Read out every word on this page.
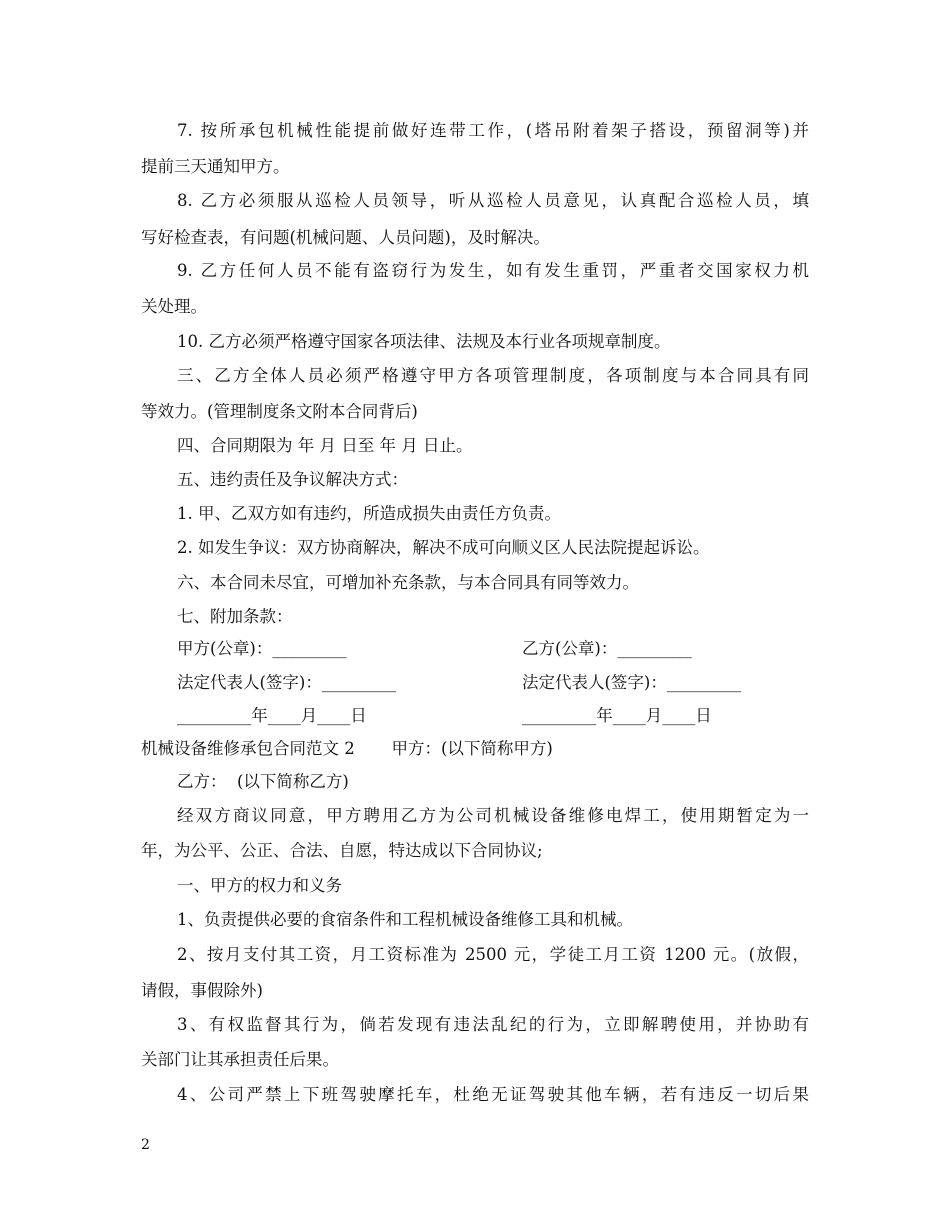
7. 按所承包机械性能提前做好连带工作，(塔吊附着架子搭设，预留洞等)并
提前三天通知甲方。
8. 乙方必须服从巡检人员领导，听从巡检人员意见，认真配合巡检人员，填
写好检查表，有问题(机械问题、人员问题)，及时解决。
9. 乙方任何人员不能有盗窃行为发生，如有发生重罚，严重者交国家权力机
关处理。
10. 乙方必须严格遵守国家各项法律、法规及本行业各项规章制度。
三、乙方全体人员必须严格遵守甲方各项管理制度，各项制度与本合同具有同
等效力。(管理制度条文附本合同背后)
四、合同期限为 年 月 日至 年 月 日止。
五、违约责任及争议解决方式：
1. 甲、乙双方如有违约，所造成损失由责任方负责。
2. 如发生争议：双方协商解决，解决不成可向顺义区人民法院提起诉讼。
六、本合同未尽宜，可增加补充条款，与本合同具有同等效力。
七、附加条款：
甲方(公章)：_________	乙方(公章)：_________
法定代表人(签字)：_________	法定代表人(签字)：_________
_________年____月____日	_________年____月____日
机械设备维修承包合同范文 2       甲方：(以下简称甲方)
乙方：  (以下简称乙方)
经双方商议同意，甲方聘用乙方为公司机械设备维修电焊工，使用期暂定为一
年，为公平、公正、合法、自愿，特达成以下合同协议;
一、甲方的权力和义务
1、负责提供必要的食宿条件和工程机械设备维修工具和机械。
2、按月支付其工资，月工资标准为 2500 元，学徒工月工资 1200 元。(放假，
请假，事假除外)
3、有权监督其行为，倘若发现有违法乱纪的行为，立即解聘使用，并协助有
关部门让其承担责任后果。
4、公司严禁上下班驾驶摩托车，杜绝无证驾驶其他车辆，若有违反一切后果
2
